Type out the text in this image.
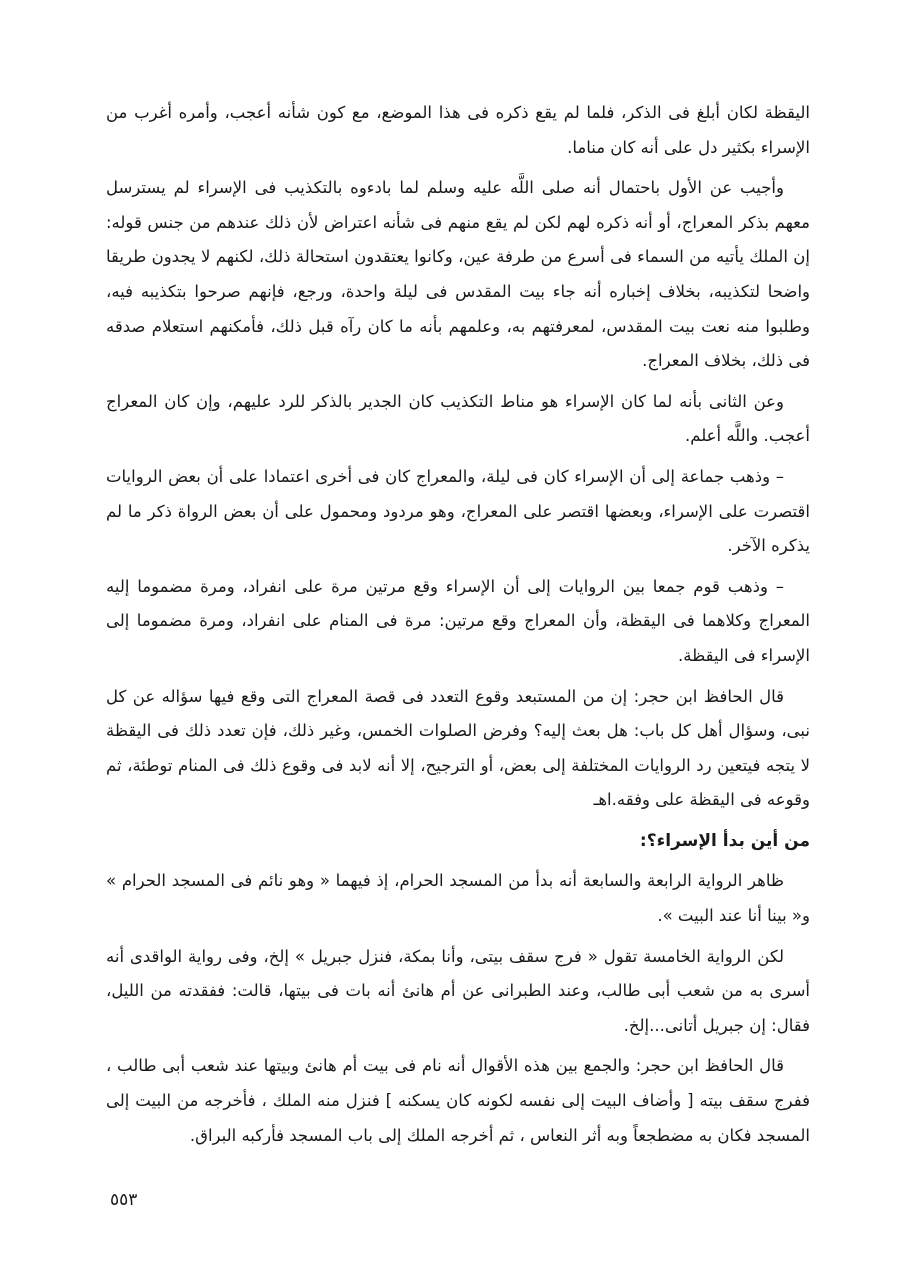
اليقظة لكان أبلغ فى الذكر، فلما لم يقع ذكره فى هذا الموضع، مع كون شأنه أعجب، وأمره أغرب من الإسراء بكثير دل على أنه كان مناما.

وأجيب عن الأول باحتمال أنه صلى اللَّه عليه وسلم لما بادءوه بالتكذيب فى الإسراء لم يسترسل معهم بذكر المعراج، أو أنه ذكره لهم لكن لم يقع منهم فى شأنه اعتراض لأن ذلك عندهم من جنس قوله: إن الملك يأتيه من السماء فى أسرع من طرفة عين، وكانوا يعتقدون استحالة ذلك، لكنهم لا يجدون طريقا واضحا لتكذيبه، بخلاف إخباره أنه جاء بيت المقدس فى ليلة واحدة، ورجع، فإنهم صرحوا بتكذيبه فيه، وطلبوا منه نعت بيت المقدس، لمعرفتهم به، وعلمهم بأنه ما كان رآه قبل ذلك، فأمكنهم استعلام صدقه فى ذلك، بخلاف المعراج.

وعن الثانى بأنه لما كان الإسراء هو مناط التكذيب كان الجدير بالذكر للرد عليهم، وإن كان المعراج أعجب. واللَّه أعلم.

– وذهب جماعة إلى أن الإسراء كان فى ليلة، والمعراج كان فى أخرى اعتمادا على أن بعض الروايات اقتصرت على الإسراء، وبعضها اقتصر على المعراج، وهو مردود ومحمول على أن بعض الرواة ذكر ما لم يذكره الآخر.

– وذهب قوم جمعا بين الروايات إلى أن الإسراء وقع مرتين مرة على انفراد، ومرة مضموما إليه المعراج وكلاهما فى اليقظة، وأن المعراج وقع مرتين: مرة فى المنام على انفراد، ومرة مضموما إلى الإسراء فى اليقظة.

قال الحافظ ابن حجر: إن من المستبعد وقوع التعدد فى قصة المعراج التى وقع فيها سؤاله عن كل نبى، وسؤال أهل كل باب: هل بعث إليه؟ وفرض الصلوات الخمس، وغير ذلك، فإن تعدد ذلك فى اليقظة لا يتجه فيتعين رد الروايات المختلفة إلى بعض، أو الترجيح، إلا أنه لابد فى وقوع ذلك فى المنام توطئة، ثم وقوعه فى اليقظة على وفقه.اهـ

من أين بدأ الإسراء؟:

ظاهر الرواية الرابعة والسابعة أنه بدأ من المسجد الحرام، إذ فيهما « وهو نائم فى المسجد الحرام » و« بينا أنا عند البيت ».

لكن الرواية الخامسة تقول « فرج سقف بيتى، وأنا بمكة، فنزل جبريل » إلخ، وفى رواية الواقدى أنه أسرى به من شعب أبى طالب، وعند الطبرانى عن أم هانئ أنه بات فى بيتها، قالت: ففقدته من الليل، فقال: إن جبريل أتانى...إلخ.

قال الحافظ ابن حجر: والجمع بين هذه الأقوال أنه نام فى بيت أم هانئ وبيتها عند شعب أبى طالب ، ففرج سقف بيته [ وأضاف البيت إلى نفسه لكونه كان يسكنه ] فنزل منه الملك ، فأخرجه من البيت إلى المسجد فكان به مضطجعاً وبه أثر النعاس ، ثم أخرجه الملك إلى باب المسجد فأركبه البراق.

٥٥٣
